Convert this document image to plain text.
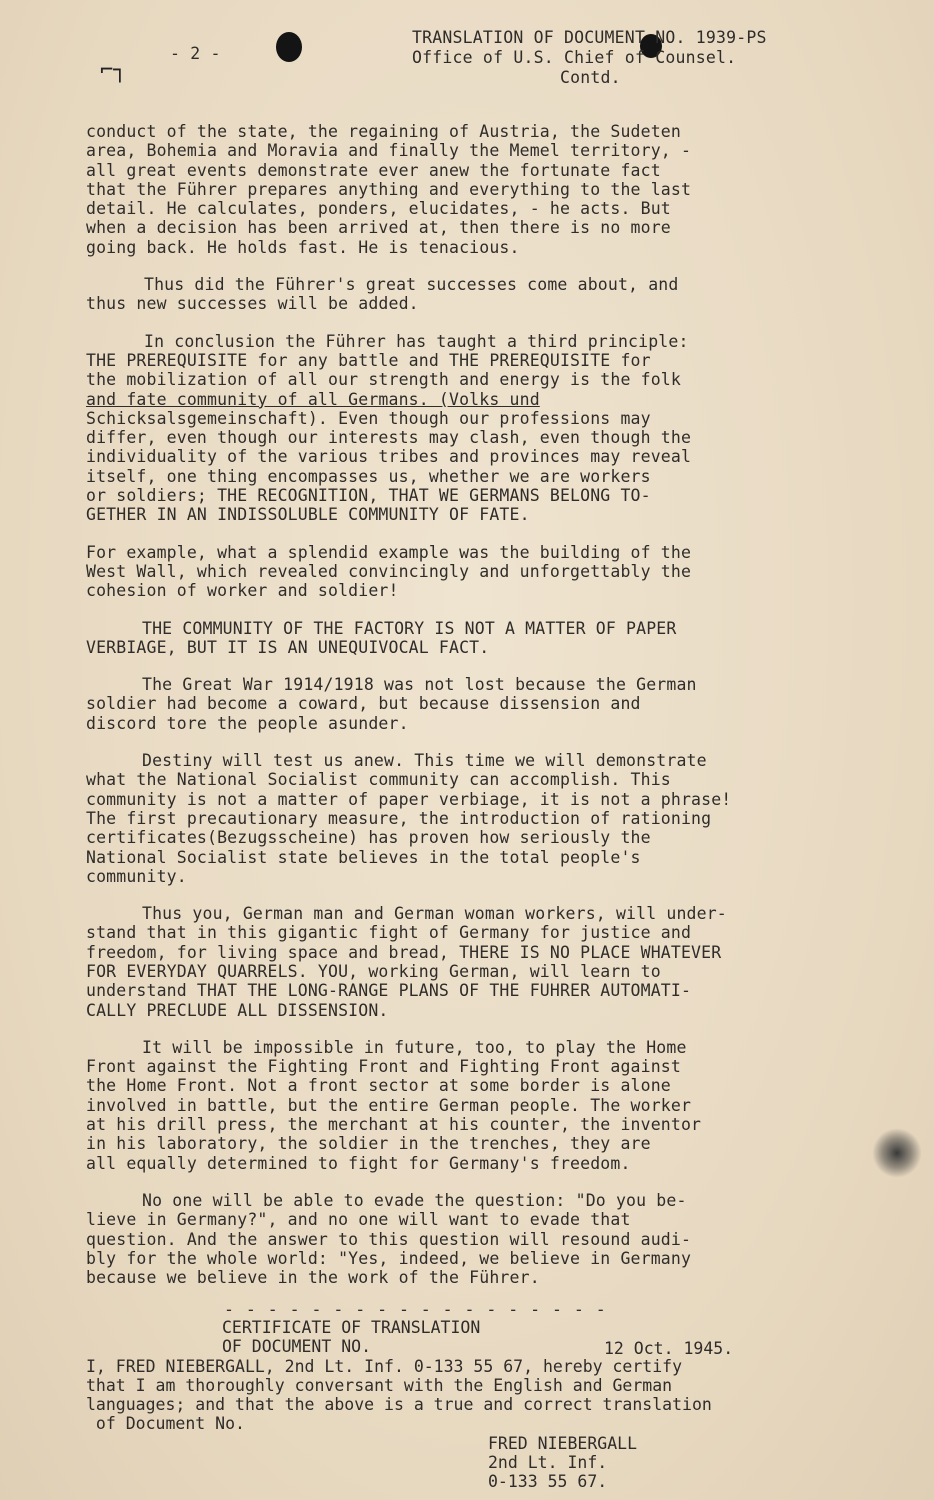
⌐┐
- 2 -
TRANSLATION OF DOCUMENT NO. 1939-PS
Office of U.S. Chief of Counsel.
Contd.

conduct of the state, the regaining of Austria, the Sudeten
area, Bohemia and Moravia and finally the Memel territory, -
all great events demonstrate ever anew the fortunate fact
that the Führer prepares anything and everything to the last
detail. He calculates, ponders, elucidates, - he acts. But
when a decision has been arrived at, then there is no more
going back. He holds fast. He is tenacious.

Thus did the Führer's great successes come about, and
thus new successes will be added.

In conclusion the Führer has taught a third principle:
THE PREREQUISITE for any battle and THE PREREQUISITE for
the mobilization of all our strength and energy is the folk
and fate community of all Germans. (Volks und
Schicksalsgemeinschaft). Even though our professions may
differ, even though our interests may clash, even though the
individuality of the various tribes and provinces may reveal
itself, one thing encompasses us, whether we are workers
or soldiers; THE RECOGNITION, THAT WE GERMANS BELONG TO-
GETHER IN AN INDISSOLUBLE COMMUNITY OF FATE.

For example, what a splendid example was the building of the
West Wall, which revealed convincingly and unforgettably the
cohesion of worker and soldier!

THE COMMUNITY OF THE FACTORY IS NOT A MATTER OF PAPER
VERBIAGE, BUT IT IS AN UNEQUIVOCAL FACT.

The Great War 1914/1918 was not lost because the German
soldier had become a coward, but because dissension and
discord tore the people asunder.

Destiny will test us anew. This time we will demonstrate
what the National Socialist community can accomplish. This
community is not a matter of paper verbiage, it is not a phrase!
The first precautionary measure, the introduction of rationing
certificates(Bezugsscheine) has proven how seriously the
National Socialist state believes in the total people's
community.

Thus you, German man and German woman workers, will under-
stand that in this gigantic fight of Germany for justice and
freedom, for living space and bread, THERE IS NO PLACE WHATEVER
FOR EVERYDAY QUARRELS. YOU, working German, will learn to
understand THAT THE LONG-RANGE PLANS OF THE FUHRER AUTOMATI-
CALLY PRECLUDE ALL DISSENSION.

It will be impossible in future, too, to play the Home
Front against the Fighting Front and Fighting Front against
the Home Front. Not a front sector at some border is alone
involved in battle, but the entire German people. The worker
at his drill press, the merchant at his counter, the inventor
in his laboratory, the soldier in the trenches, they are
all equally determined to fight for Germany's freedom.

No one will be able to evade the question: "Do you be-
lieve in Germany?", and no one will want to evade that
question. And the answer to this question will resound audi-
bly for the whole world: "Yes, indeed, we believe in Germany
because we believe in the work of the Führer.

- - - - - - - - - - - - - - - - - -
CERTIFICATE OF TRANSLATION
OF DOCUMENT NO.	12 Oct. 1945.
I, FRED NIEBERGALL, 2nd Lt. Inf. 0-133 55 67, hereby certify
that I am thoroughly conversant with the English and German
languages; and that the above is a true and correct translation
of Document No.
FRED NIEBERGALL
2nd Lt. Inf.
0-133 55 67.
